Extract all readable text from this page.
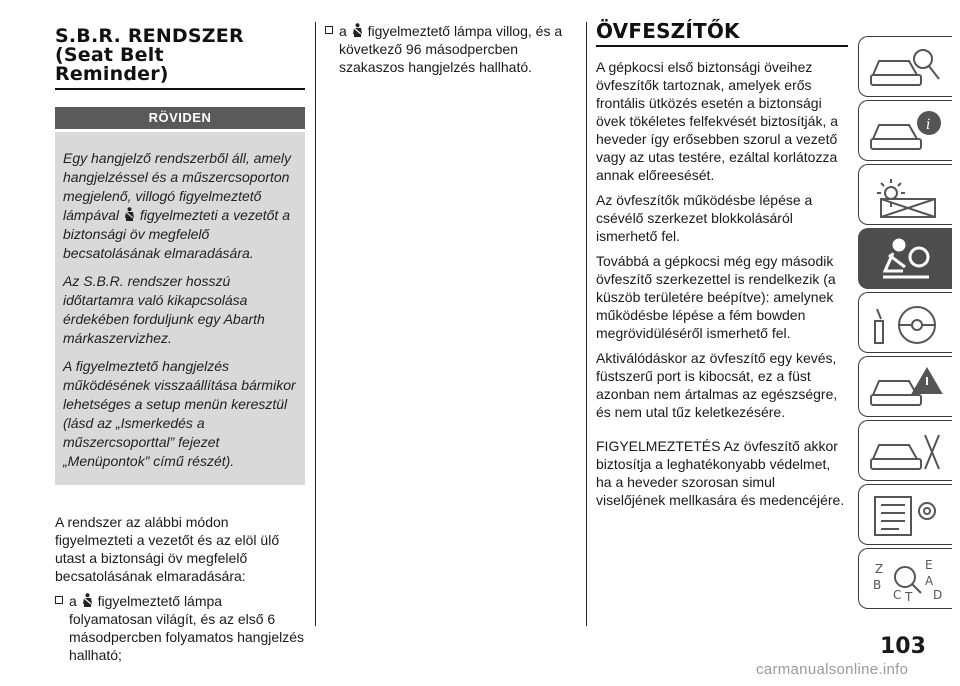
S.B.R. RENDSZER
(Seat Belt
Reminder)
RÖVIDEN

Egy hangjelző rendszerből áll, amely hangjelzéssel és a műszercsoporton megjelenő, villogó figyelmeztető lámpával figyelmezteti a vezetőt a biztonsági öv megfelelő becsatolásának elmaradására.

Az S.B.R. rendszer hosszú időtartamra való kikapcsolása érdekében forduljunk egy Abarth márkaszervizhez.

A figyelmeztető hangjelzés működésének visszaállítása bármikor lehetséges a setup menün keresztül (lásd az „Ismerkedés a műszercsoporttal” fejezet „Menüpontok” című részét).

A rendszer az alábbi módon figyelmezteti a vezetőt és az elöl ülő utast a biztonsági öv megfelelő becsatolásának elmaradására:

a figyelmeztető lámpa folyamatosan világít, és az első 6 másodpercben folyamatos hangjelzés hallható;
a figyelmeztető lámpa villog, és a következő 96 másodpercben szakaszos hangjelzés hallható.
ÖVFESZÍTŐK

A gépkocsi első biztonsági öveihez övfeszítők tartoznak, amelyek erős frontális ütközés esetén a biztonsági övek tökéletes felfekvését biztosítják, a heveder így erősebben szorul a vezető vagy az utas testére, ezáltal korlátozza annak előreesését.

Az övfeszítők működésbe lépése a csévélő szerkezet blokkolásáról ismerhető fel.

Továbbá a gépkocsi még egy második övfeszítő szerkezettel is rendelkezik (a küszöb területére beépítve): amelynek működésbe lépése a fém bowden megrövidüléséről ismerhető fel.

Aktiválódáskor az övfeszítő egy kevés, füstszerű port is kibocsát, ez a füst azonban nem ártalmas az egészségre, és nem utal tűz keletkezésére.

FIGYELMEZTETÉS Az övfeszítő akkor biztosítja a leghatékonyabb védelmet, ha a heveder szorosan simul viselőjének mellkasára és medencéjére.

i
Z	E
A
B
C T D
103
carmanualsonline.info
